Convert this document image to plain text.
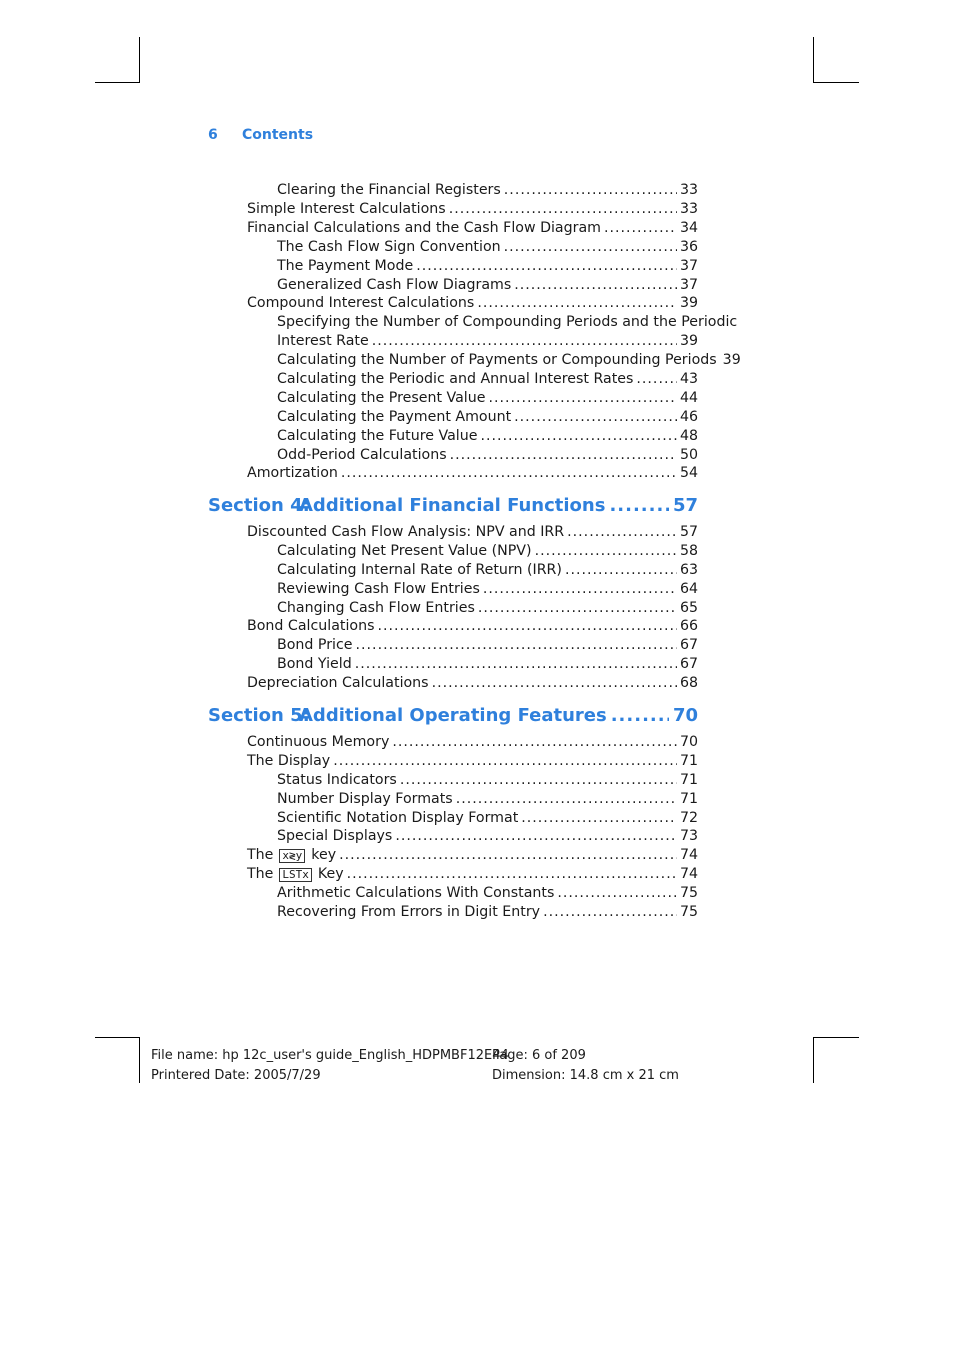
6 Contents
Clearing the Financial Registers .....	33
Simple Interest Calculations .....	33
Financial Calculations and the Cash Flow Diagram .....	34
The Cash Flow Sign Convention .....	36
The Payment Mode .....	37
Generalized Cash Flow Diagrams .....	37
Compound Interest Calculations .....	39
Specifying the Number of Compounding Periods and the Periodic
Interest Rate .....	39
Calculating the Number of Payments or Compounding Periods 39
Calculating the Periodic and Annual Interest Rates .....	43
Calculating the Present Value .....	44
Calculating the Payment Amount .....	46
Calculating the Future Value .....	48
Odd-Period Calculations .....	50
Amortization .....	54
Section 4:
Additional Financial Functions .....	57
Discounted Cash Flow Analysis: NPV and IRR .....	57
Calculating Net Present Value (NPV) .....	58
Calculating Internal Rate of Return (IRR) .....	63
Reviewing Cash Flow Entries .....	64
Changing Cash Flow Entries .....	65
Bond Calculations .....	66
Bond Price .....	67
Bond Yield .....	67
Depreciation Calculations .....	68
Section 5:
Additional Operating Features .....	70
Continuous Memory .....	70
The Display .....	71
Status Indicators .....	71
Number Display Formats .....	71
Scientific Notation Display Format .....	72
Special Displays .....	73
The x≷y key .....	74
The LSTx Key .....	74
Arithmetic Calculations With Constants .....	75
Recovering From Errors in Digit Entry .....	75
File name: hp 12c_user's guide_English_HDPMBF12E44
Printered Date: 2005/7/29
Page: 6 of 209
Dimension: 14.8 cm x 21 cm
